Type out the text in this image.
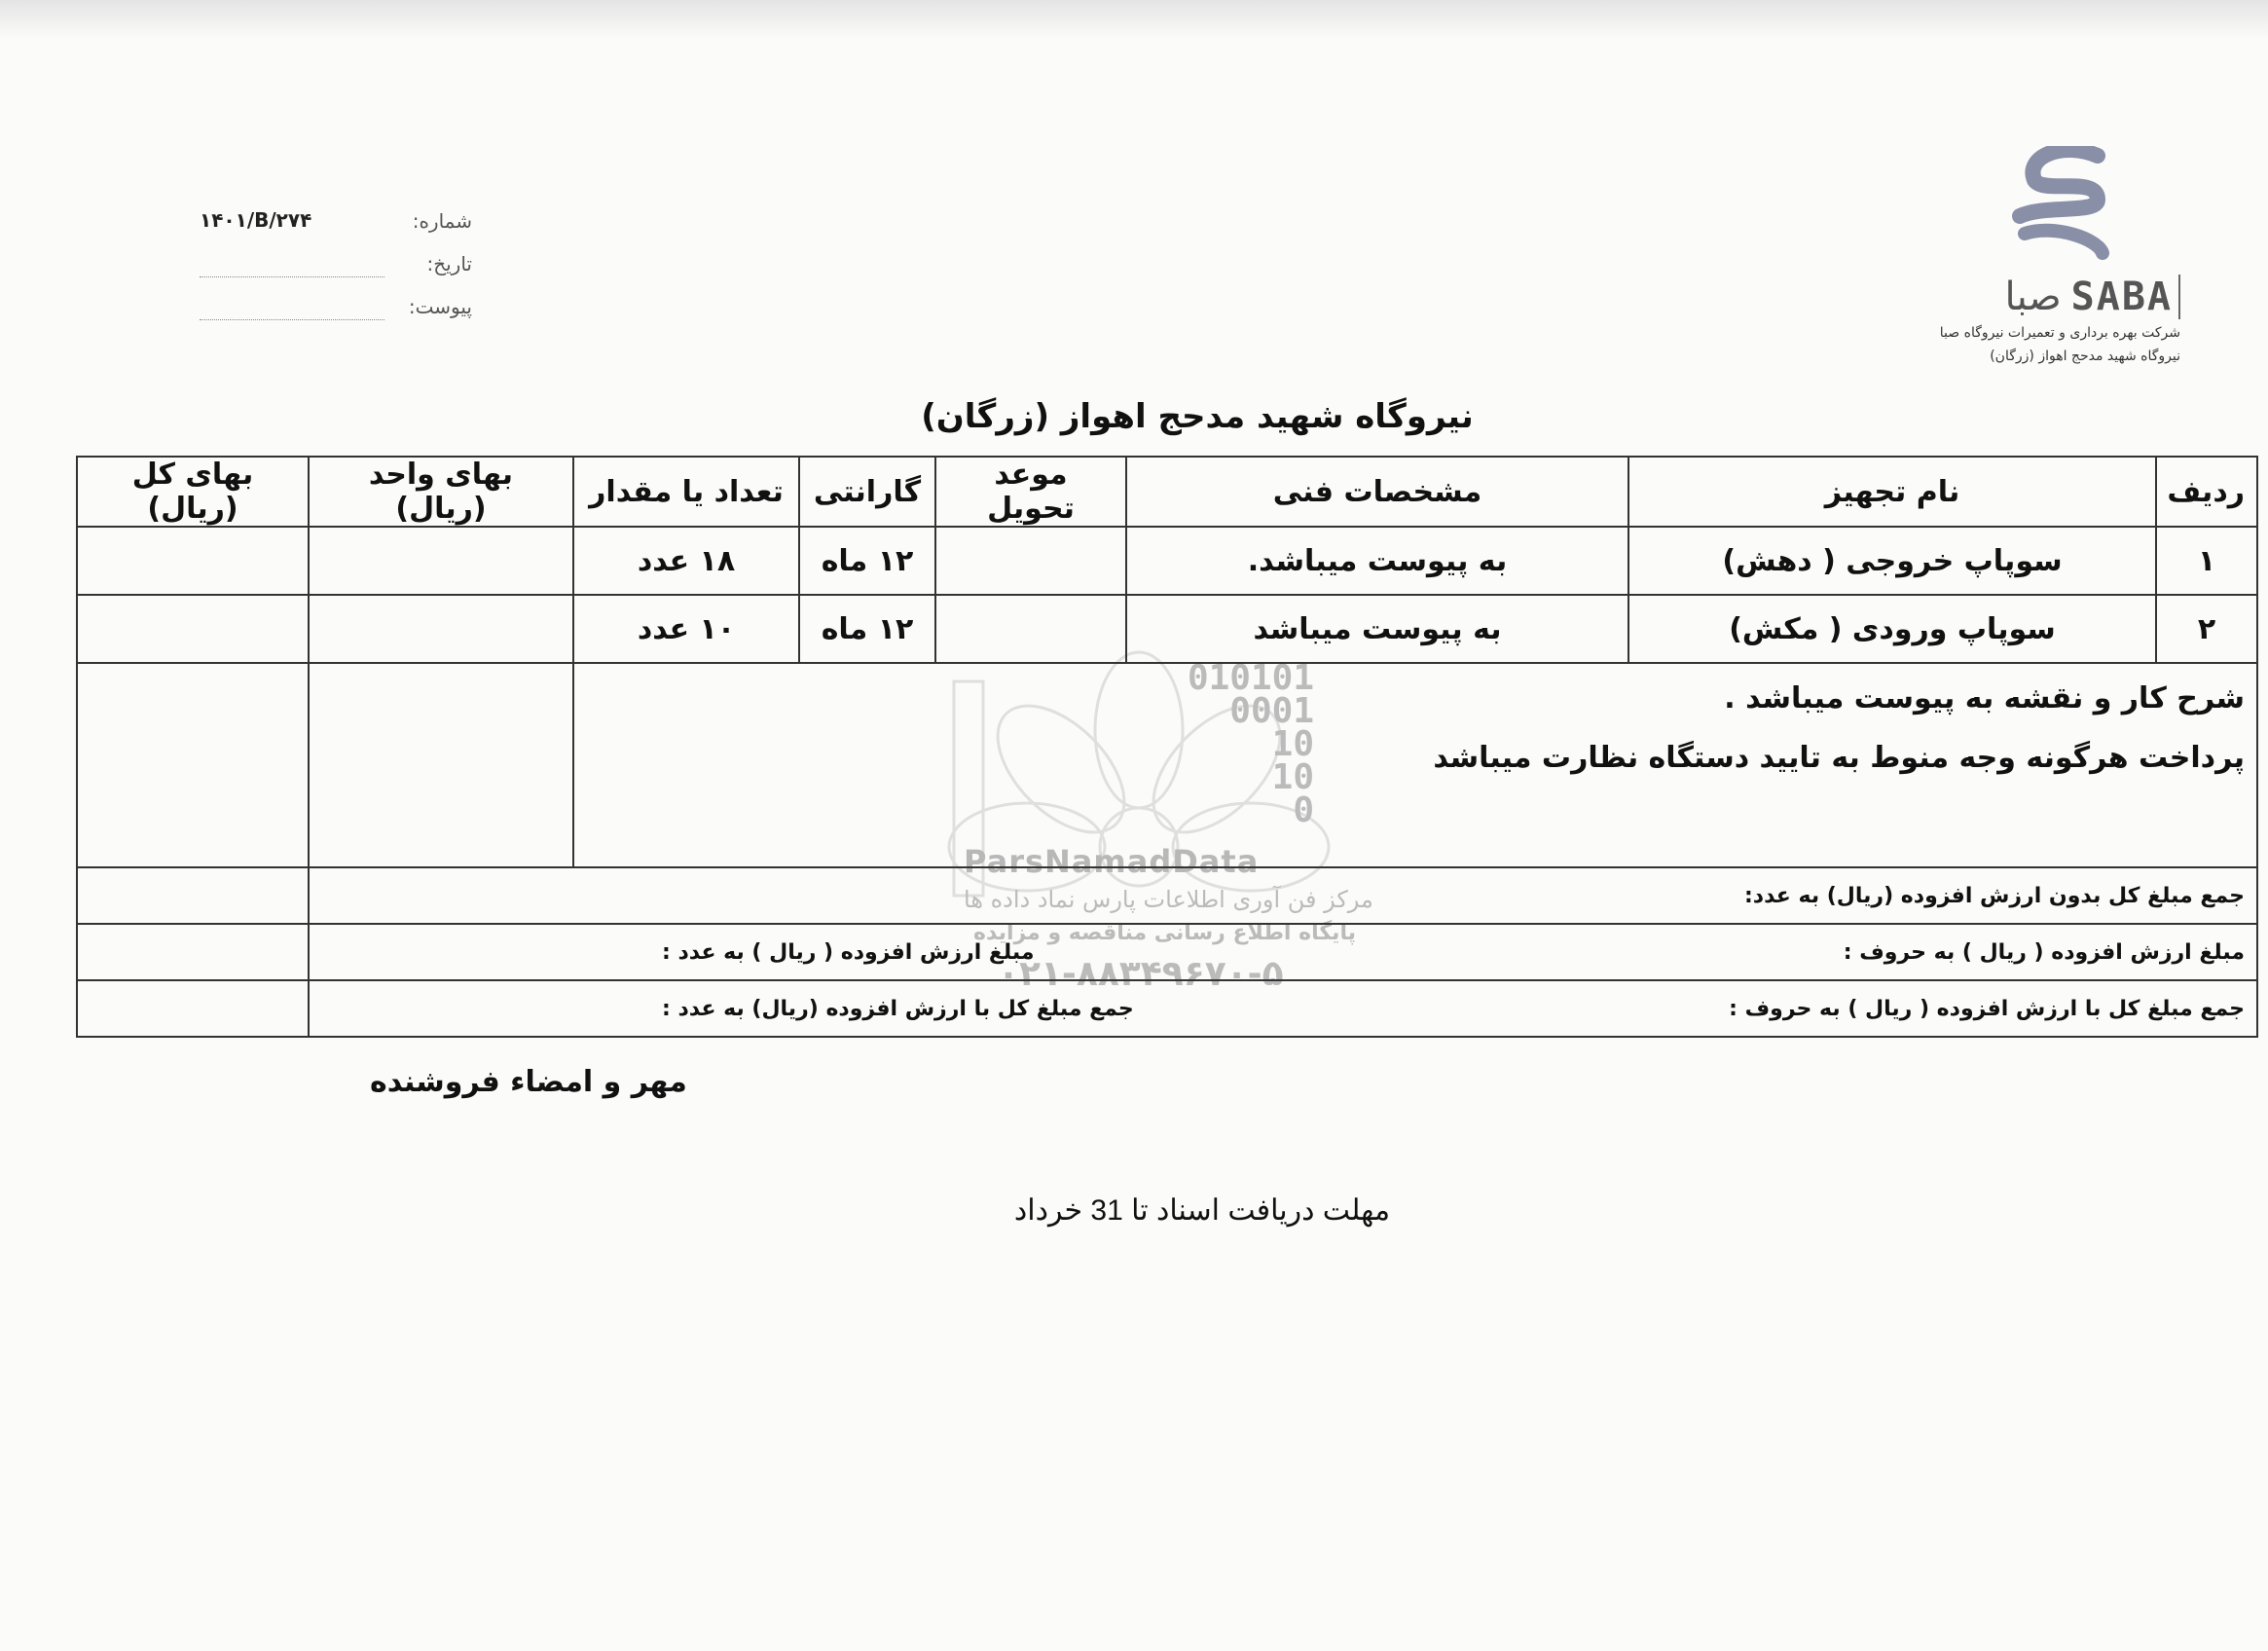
SABA
صبا
شرکت بهره برداری و تعمیرات نیروگاه صبا
نیروگاه شهید مدحج اهواز (زرگان)
شماره:
۱۴۰۱/B/۲۷۴
تاریخ:
پیوست:
نیروگاه شهید مدحج اهواز (زرگان)
010101
0001
10
10
0
ParsNamadData
مرکز فن آوری اطلاعات پارس نماد داده ها
پایگاه اطلاع رسانی مناقصه و مزایده
۰۲۱-۸۸۳۴۹۶۷۰-۵
ردیف	نام تجهیز	مشخصات فنی	موعد تحویل	گارانتی	تعداد یا مقدار	بهای واحد (ریال)	بهای کل (ریال)
۱	سوپاپ خروجی ( دهش)	به پیوست میباشد.		۱۲ ماه	۱۸ عدد		
۲	سوپاپ ورودی ( مکش)	به پیوست میباشد		۱۲ ماه	۱۰ عدد		

شرح کار و نقشه به پیوست میباشد .
پرداخت هرگونه وجه منوط به تایید دستگاه نظارت میباشد							

جمع مبلغ کل بدون ارزش افزوده (ریال) به عدد:							

مبلغ ارزش افزوده ( ریال ) به حروف :
مبلغ ارزش افزوده ( ریال ) به عدد :							

جمع مبلغ کل با ارزش افزوده ( ریال ) به حروف :
جمع مبلغ کل با ارزش افزوده (ریال) به عدد :							

مهر و امضاء فروشنده
مهلت دریافت اسناد تا 31 خرداد
